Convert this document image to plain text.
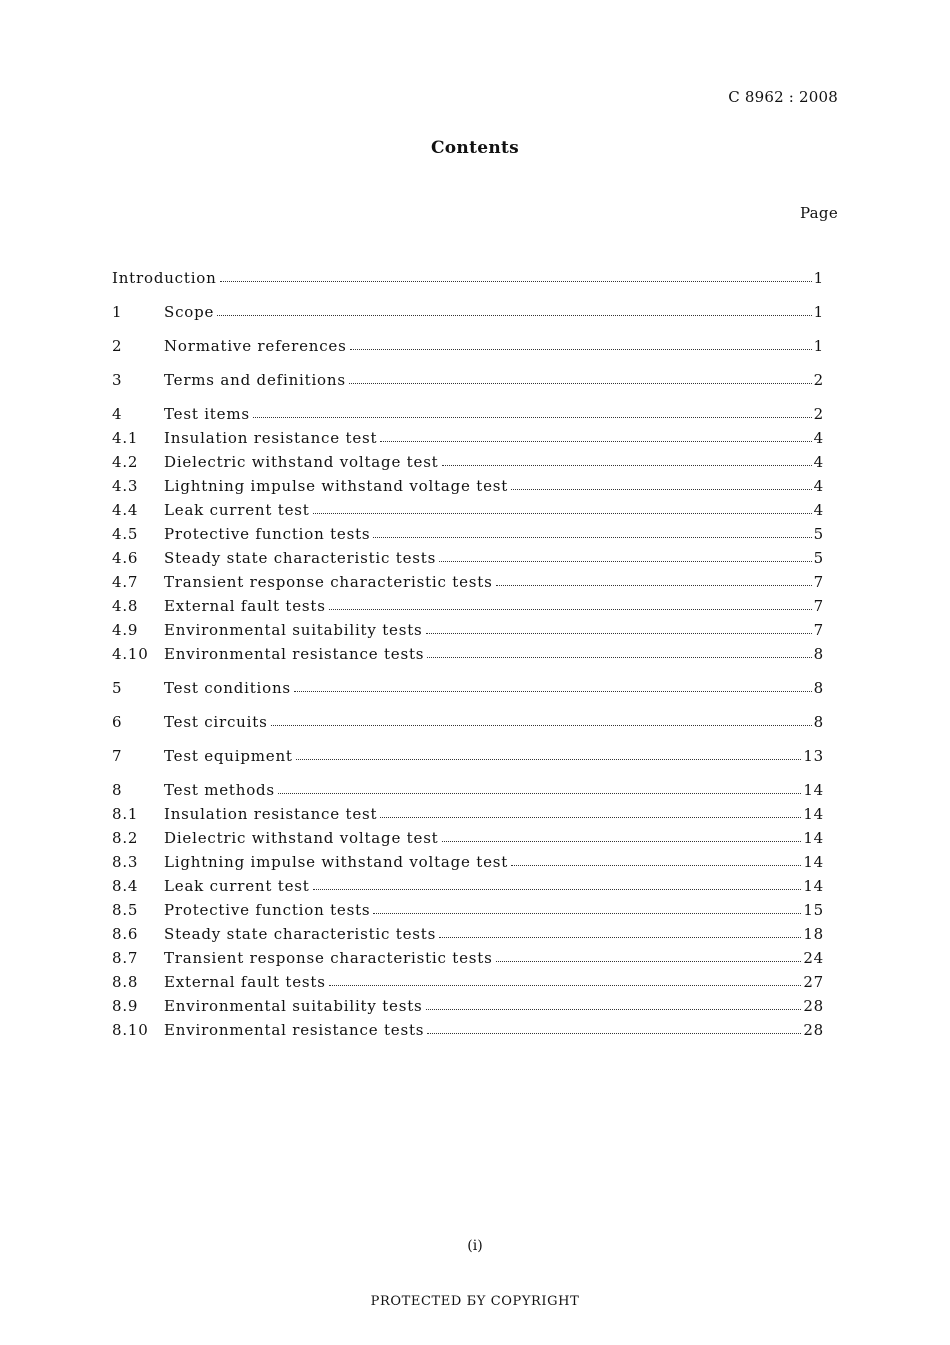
C 8962 : 2008
Contents
Page
Introduction	1
1	Scope	1
2	Normative references	1
3	Terms and definitions	2
4	Test items	2
4.1	Insulation resistance test	4
4.2	Dielectric withstand voltage test	4
4.3	Lightning impulse withstand voltage test	4
4.4	Leak current test	4
4.5	Protective function tests	5
4.6	Steady state characteristic tests	5
4.7	Transient response characteristic tests	7
4.8	External fault tests	7
4.9	Environmental suitability tests	7
4.10	Environmental resistance tests	8
5	Test conditions	8
6	Test circuits	8
7	Test equipment	13
8	Test methods	14
8.1	Insulation resistance test	14
8.2	Dielectric withstand voltage test	14
8.3	Lightning impulse withstand voltage test	14
8.4	Leak current test	14
8.5	Protective function tests	15
8.6	Steady state characteristic tests	18
8.7	Transient response characteristic tests	24
8.8	External fault tests	27
8.9	Environmental suitability tests	28
8.10	Environmental resistance tests	28
(i)
PROTECTED БY COPYRIGHT
